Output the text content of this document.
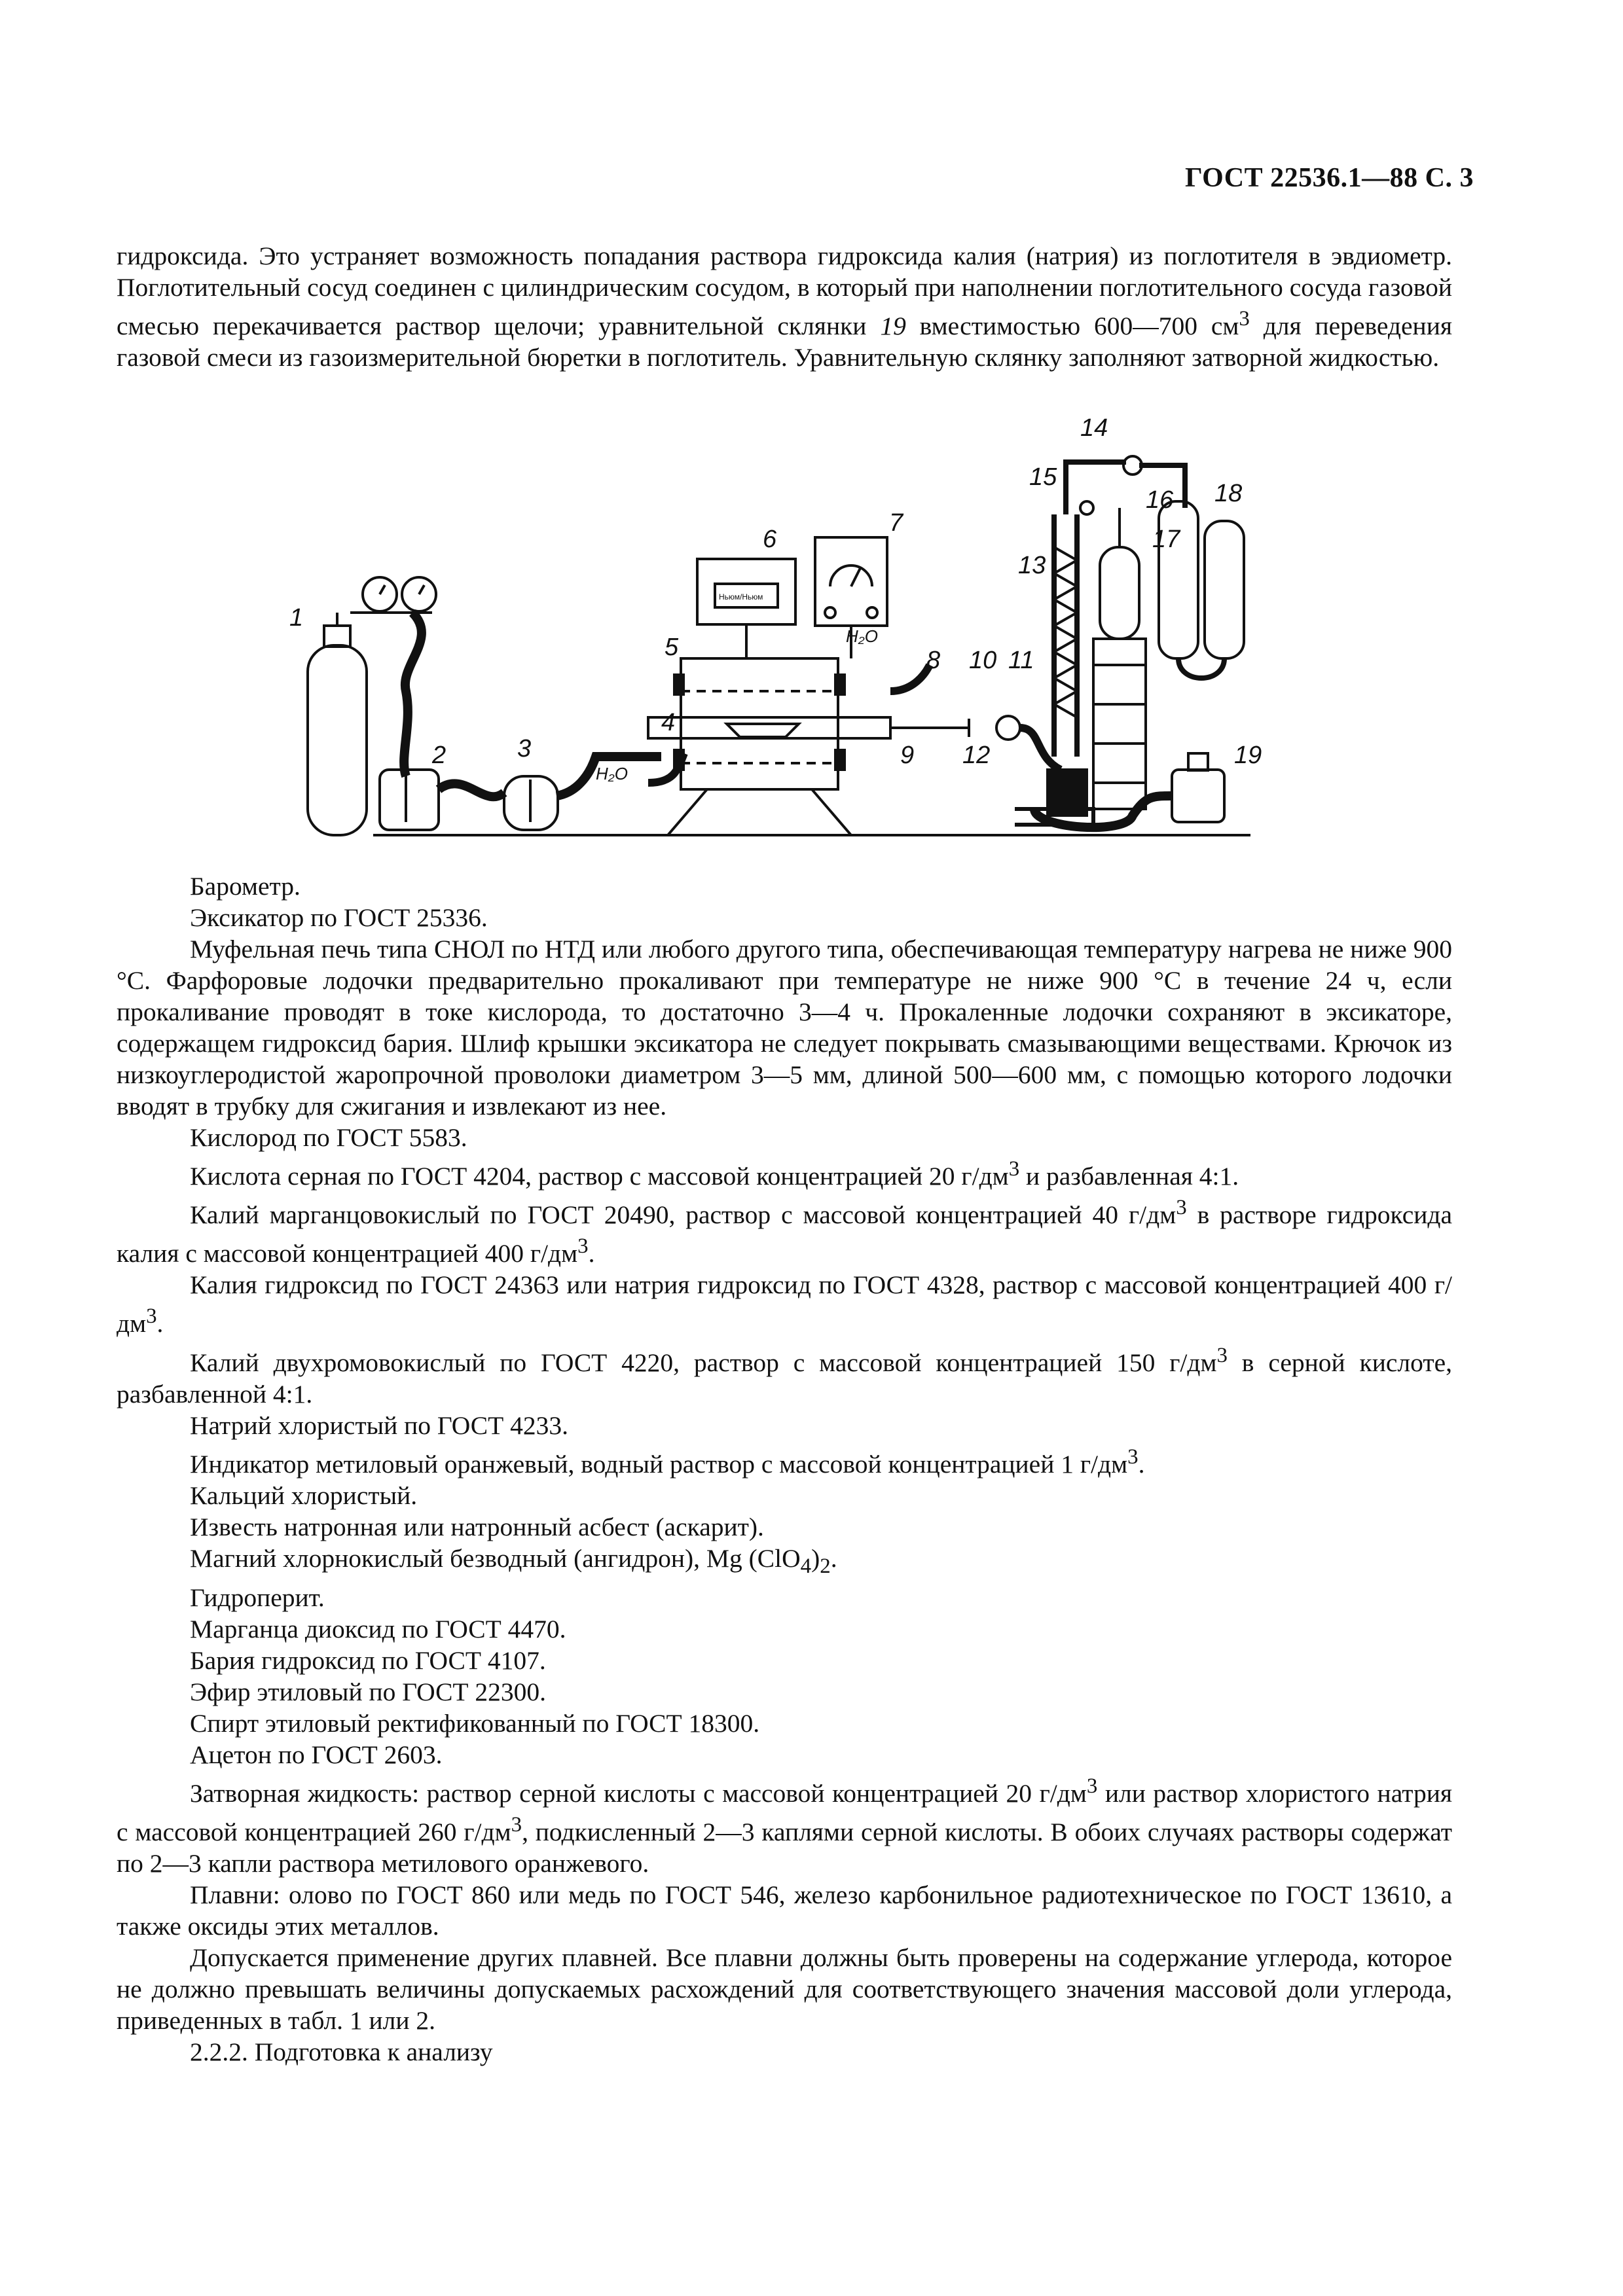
ГОСТ 22536.1—88 С. 3

гидроксида. Это устраняет возможность попадания раствора гидроксида калия (натрия) из поглотителя в эвдиометр. Поглотительный сосуд соединен с цилиндрическим сосудом, в который при наполнении поглотительного сосуда газовой смесью перекачивается раствор щелочи; уравнительной склянки 19 вместимостью 600—700 $см^3$ для переведения газовой смеси из газоизмерительной бюретки в поглотитель. Уравнительную склянку заполняют затворной жидкостью.

1
2	3
4
5
6
7
8
9
10 11
12
13
14
15
16
17
18
19
H₂O
H₂O
Ньюм/Ньюм

Барометр.

Эксикатор по ГОСТ 25336.

Муфельная печь типа СНОЛ по НТД или любого другого типа, обеспечивающая температуру нагрева не ниже 900 °С. Фарфоровые лодочки предварительно прокаливают при температуре не ниже 900 °С в течение 24 ч, если прокаливание проводят в токе кислорода, то достаточно 3—4 ч. Прокаленные лодочки сохраняют в эксикаторе, содержащем гидроксид бария. Шлиф крышки эксикатора не следует покрывать смазывающими веществами. Крючок из низкоуглеродистой жаропрочной проволоки диаметром 3—5 мм, длиной 500—600 мм, с помощью которого лодочки вводят в трубку для сжигания и извлекают из нее.

Кислород по ГОСТ 5583.

Кислота серная по ГОСТ 4204, раствор с массовой концентрацией 20 $г/дм^3$ и разбавленная 4:1.

Калий марганцовокислый по ГОСТ 20490, раствор с массовой концентрацией 40 $г/дм^3$ в растворе гидроксида калия с массовой концентрацией 400 $г/дм^3$.

Калия гидроксид по ГОСТ 24363 или натрия гидроксид по ГОСТ 4328, раствор с массовой концентрацией 400 $г/дм^3$.

Калий двухромовокислый по ГОСТ 4220, раствор с массовой концентрацией 150 $г/дм^3$ в серной кислоте, разбавленной 4:1.

Натрий хлористый по ГОСТ 4233.

Индикатор метиловый оранжевый, водный раствор с массовой концентрацией 1 $г/дм^3$.

Кальций хлористый.

Известь натронная или натронный асбест (аскарит).

Магний хлорнокислый безводный (ангидрон), Mg $(ClO_4)_2$.

Гидроперит.

Марганца диоксид по ГОСТ 4470.

Бария гидроксид по ГОСТ 4107.

Эфир этиловый по ГОСТ 22300.

Спирт этиловый ректификованный по ГОСТ 18300.

Ацетон по ГОСТ 2603.

Затворная жидкость: раствор серной кислоты с массовой концентрацией 20 $г/дм^3$ или раствор хлористого натрия с массовой концентрацией 260 $г/дм^3$, подкисленный 2—3 каплями серной кислоты. В обоих случаях растворы содержат по 2—3 капли раствора метилового оранжевого.

Плавни: олово по ГОСТ 860 или медь по ГОСТ 546, железо карбонильное радиотехническое по ГОСТ 13610, а также оксиды этих металлов.

Допускается применение других плавней. Все плавни должны быть проверены на содержание углерода, которое не должно превышать величины допускаемых расхождений для соответствующего значения массовой доли углерода, приведенных в табл. 1 или 2.

2.2.2. Подготовка к анализу
